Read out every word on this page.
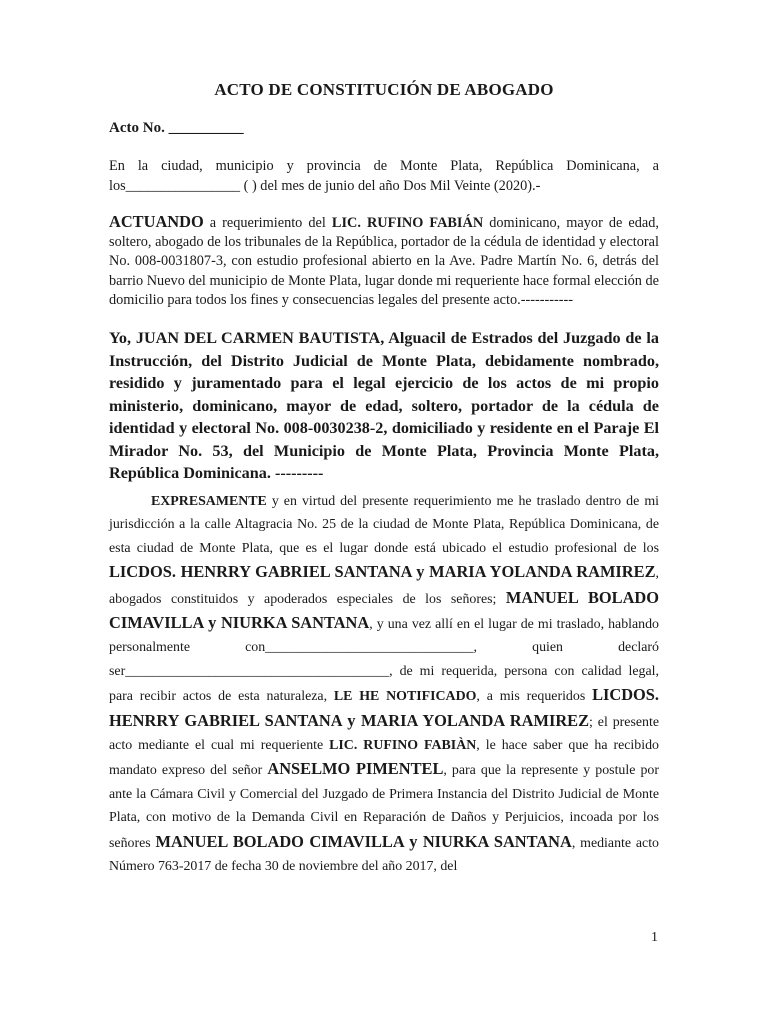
ACTO DE CONSTITUCIÓN DE ABOGADO
Acto No. __________
En la ciudad, municipio y provincia de Monte Plata, República Dominicana, a los________________ ( ) del mes de junio del año Dos Mil Veinte (2020).-
ACTUANDO a requerimiento del LIC. RUFINO FABIÁN dominicano, mayor de edad, soltero, abogado de los tribunales de la República, portador de la cédula de identidad y electoral No. 008-0031807-3, con estudio profesional abierto en la Ave. Padre Martín No. 6, detrás del barrio Nuevo del municipio de Monte Plata, lugar donde mi requeriente hace formal elección de domicilio para todos los fines y consecuencias legales del presente acto.-----------
Yo, JUAN DEL CARMEN BAUTISTA, Alguacil de Estrados del Juzgado de la Instrucción, del Distrito Judicial de Monte Plata, debidamente nombrado, residido y juramentado para el legal ejercicio de los actos de mi propio ministerio, dominicano, mayor de edad, soltero, portador de la cédula de identidad y electoral No. 008-0030238-2, domiciliado y residente en el Paraje El Mirador No. 53, del Municipio de Monte Plata, Provincia Monte Plata, República Dominicana. ---------
EXPRESAMENTE y en virtud del presente requerimiento me he traslado dentro de mi jurisdicción a la calle Altagracia No. 25 de la ciudad de Monte Plata, República Dominicana, de esta ciudad de Monte Plata, que es el lugar donde está ubicado el estudio profesional de los LICDOS. HENRRY GABRIEL SANTANA y MARIA YOLANDA RAMIREZ, abogados constituidos y apoderados especiales de los señores; MANUEL BOLADO CIMAVILLA y NIURKA SANTANA, y una vez allí en el lugar de mi traslado, hablando personalmente con______________________________, quien declaró ser______________________________________, de mi requerida, persona con calidad legal, para recibir actos de esta naturaleza, LE HE NOTIFICADO, a mis requeridos LICDOS. HENRRY GABRIEL SANTANA y MARIA YOLANDA RAMIREZ; el presente acto mediante el cual mi requeriente LIC. RUFINO FABIÀN, le hace saber que ha recibido mandato expreso del señor ANSELMO PIMENTEL, para que la represente y postule por ante la Cámara Civil y Comercial del Juzgado de Primera Instancia del Distrito Judicial de Monte Plata, con motivo de la Demanda Civil en Reparación de Daños y Perjuicios, incoada por los señores MANUEL BOLADO CIMAVILLA y NIURKA SANTANA, mediante acto Número 763-2017 de fecha 30 de noviembre del año 2017, del
1
